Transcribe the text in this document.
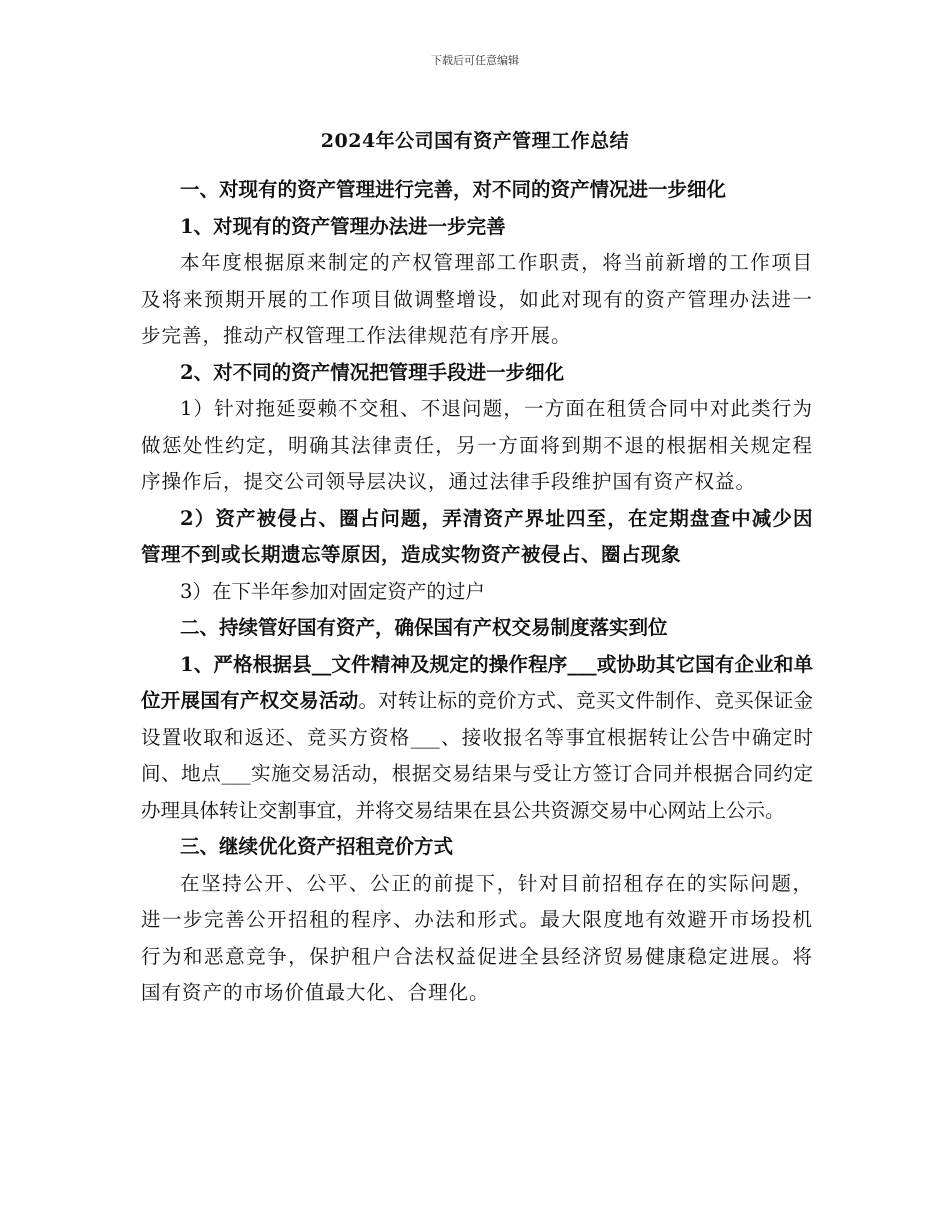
下载后可任意编辑
2024年公司国有资产管理工作总结

一、对现有的资产管理进行完善，对不同的资产情况进一步细化

1、对现有的资产管理办法进一步完善

本年度根据原来制定的产权管理部工作职责，将当前新增的工作项目及将来预期开展的工作项目做调整增设，如此对现有的资产管理办法进一步完善，推动产权管理工作法律规范有序开展。

2、对不同的资产情况把管理手段进一步细化

1）针对拖延耍赖不交租、不退问题，一方面在租赁合同中对此类行为做惩处性约定，明确其法律责任，另一方面将到期不退的根据相关规定程序操作后，提交公司领导层决议，通过法律手段维护国有资产权益。

2）资产被侵占、圈占问题，弄清资产界址四至，在定期盘查中减少因管理不到或长期遗忘等原因，造成实物资产被侵占、圈占现象

3）在下半年参加对固定资产的过户

二、持续管好国有资产，确保国有产权交易制度落实到位

1、严格根据县__文件精神及规定的操作程序___或协助其它国有企业和单位开展国有产权交易活动。对转让标的竞价方式、竞买文件制作、竞买保证金设置收取和返还、竞买方资格___、接收报名等事宜根据转让公告中确定时间、地点___实施交易活动，根据交易结果与受让方签订合同并根据合同约定办理具体转让交割事宜，并将交易结果在县公共资源交易中心网站上公示。

三、继续优化资产招租竞价方式

在坚持公开、公平、公正的前提下，针对目前招租存在的实际问题，进一步完善公开招租的程序、办法和形式。最大限度地有效避开市场投机行为和恶意竞争，保护租户合法权益促进全县经济贸易健康稳定进展。将国有资产的市场价值最大化、合理化。
